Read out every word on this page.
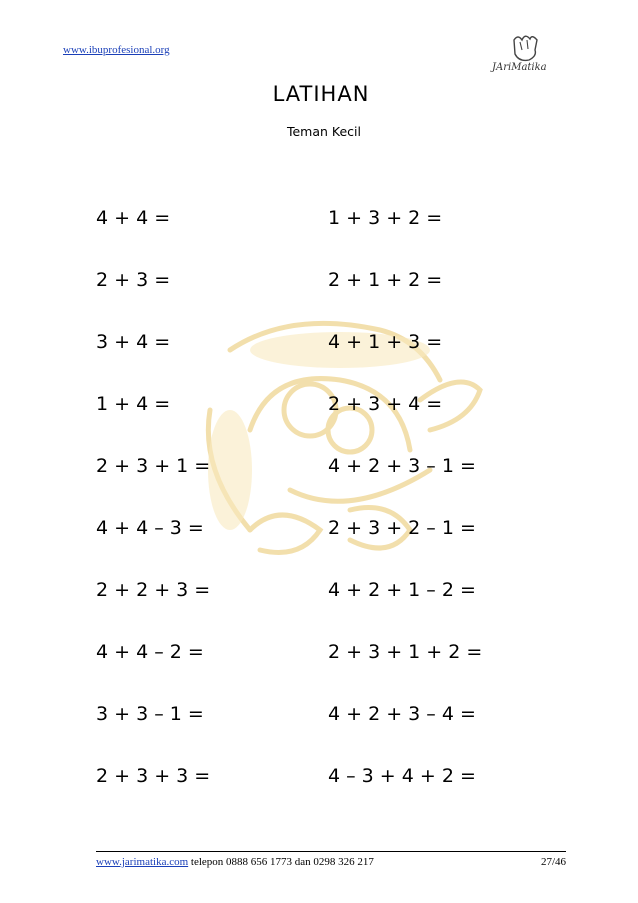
www.ibuprofesional.org
JAriMatika
LATIHAN
Teman Kecil
4 + 4 =
2 + 3 =
3 + 4 =
1 + 4 =
2 + 3 + 1 =
4 + 4 – 3 =
2 + 2 + 3 =
4 + 4 – 2 =
3 + 3 – 1 =
2 + 3 + 3 =
1 + 3 + 2 =
2 + 1 + 2 =
4 + 1 + 3 =
2 + 3 + 4 =
4 + 2 + 3 – 1 =
2 + 3 + 2 – 1 =
4 + 2 + 1 – 2 =
2 + 3 + 1 + 2 =
4 + 2 + 3 – 4 =
4 – 3 + 4 + 2 =
www.jarimatika.com telepon 0888 656 1773 dan 0298 326 217	27/46
